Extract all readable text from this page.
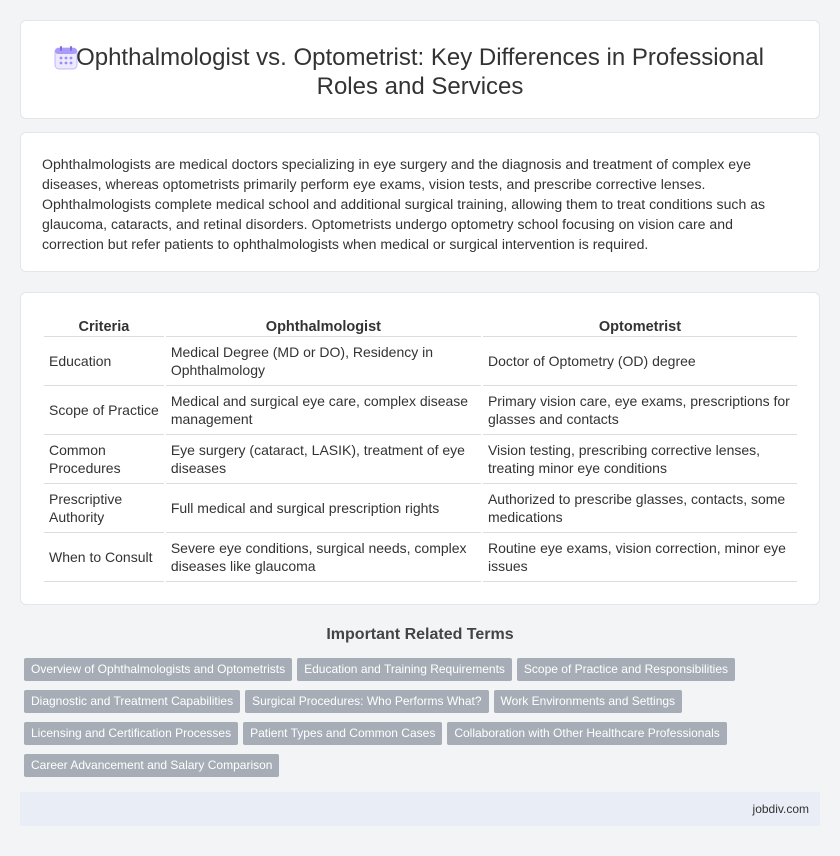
Ophthalmologist vs. Optometrist: Key Differences in Professional Roles and Services

Ophthalmologists are medical doctors specializing in eye surgery and the diagnosis and treatment of complex eye diseases, whereas optometrists primarily perform eye exams, vision tests, and prescribe corrective lenses. Ophthalmologists complete medical school and additional surgical training, allowing them to treat conditions such as glaucoma, cataracts, and retinal disorders. Optometrists undergo optometry school focusing on vision care and correction but refer patients to ophthalmologists when medical or surgical intervention is required.

Criteria	Ophthalmologist	Optometrist
Education	Medical Degree (MD or DO), Residency in Ophthalmology	Doctor of Optometry (OD) degree
Scope of Practice	Medical and surgical eye care, complex disease management	Primary vision care, eye exams, prescriptions for glasses and contacts
Common Procedures	Eye surgery (cataract, LASIK), treatment of eye diseases	Vision testing, prescribing corrective lenses, treating minor eye conditions
Prescriptive Authority	Full medical and surgical prescription rights	Authorized to prescribe glasses, contacts, some medications
When to Consult	Severe eye conditions, surgical needs, complex diseases like glaucoma	Routine eye exams, vision correction, minor eye issues
Important Related Terms
Overview of Ophthalmologists and Optometrists Education and Training Requirements Scope of Practice and Responsibilities
Diagnostic and Treatment Capabilities Surgical Procedures: Who Performs What? Work Environments and Settings
Licensing and Certification Processes Patient Types and Common Cases Collaboration with Other Healthcare Professionals
Career Advancement and Salary Comparison
jobdiv.com
